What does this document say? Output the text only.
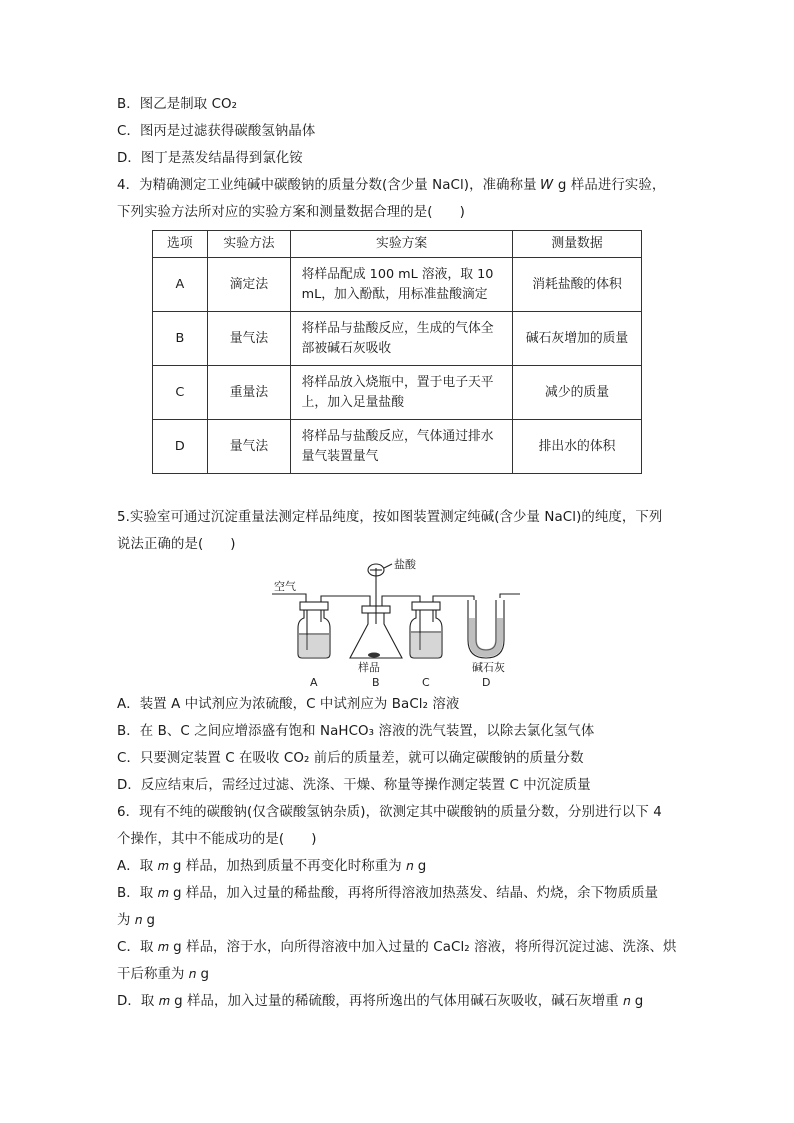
B．图乙是制取 CO₂
C．图丙是过滤获得碳酸氢钠晶体
D．图丁是蒸发结晶得到氯化铵
4．为精确测定工业纯碱中碳酸钠的质量分数(含少量 NaCl)，准确称量 𝑊 g 样品进行实验，
下列实验方法所对应的实验方案和测量数据合理的是(　　)
选项	实验方法	实验方案	测量数据
A	滴定法	将样品配成 100 mL 溶液，取 10 mL，加入酚酞，用标准盐酸滴定	消耗盐酸的体积
B	量气法	将样品与盐酸反应，生成的气体全部被碱石灰吸收	碱石灰增加的质量
C	重量法	将样品放入烧瓶中，置于电子天平上，加入足量盐酸	减少的质量
D	量气法	将样品与盐酸反应，气体通过排水量气装置量气	排出水的体积
5.实验室可通过沉淀重量法测定样品纯度，按如图装置测定纯碱(含少量 NaCl)的纯度，下列
说法正确的是(　　)
空气
盐酸
样品	碱石灰
A	B	C	D
A．装置 A 中试剂应为浓硫酸，C 中试剂应为 BaCl₂ 溶液
B．在 B、C 之间应增添盛有饱和 NaHCO₃ 溶液的洗气装置，以除去氯化氢气体
C．只要测定装置 C 在吸收 CO₂ 前后的质量差，就可以确定碳酸钠的质量分数
D．反应结束后，需经过过滤、洗涤、干燥、称量等操作测定装置 C 中沉淀质量
6．现有不纯的碳酸钠(仅含碳酸氢钠杂质)，欲测定其中碳酸钠的质量分数，分别进行以下 4
个操作，其中不能成功的是(　　)
A．取 𝑚 g 样品，加热到质量不再变化时称重为 𝑛 g
B．取 𝑚 g 样品，加入过量的稀盐酸，再将所得溶液加热蒸发、结晶、灼烧，余下物质质量
为 𝑛 g
C．取 𝑚 g 样品，溶于水，向所得溶液中加入过量的 CaCl₂ 溶液，将所得沉淀过滤、洗涤、烘
干后称重为 𝑛 g
D．取 𝑚 g 样品，加入过量的稀硫酸，再将所逸出的气体用碱石灰吸收，碱石灰增重 𝑛 g
